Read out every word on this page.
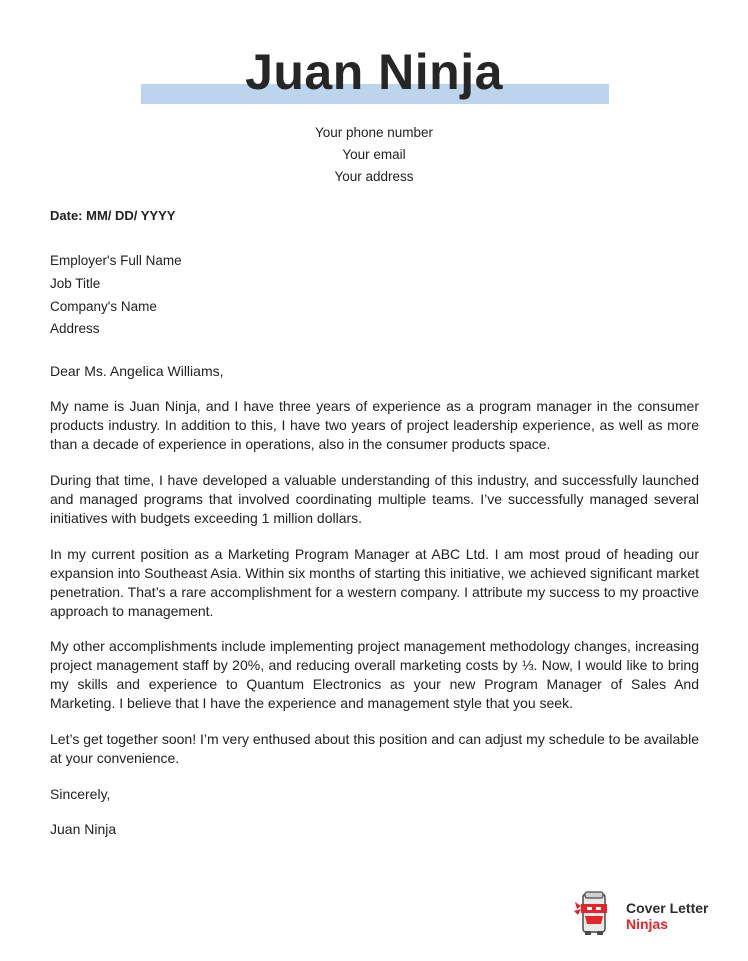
Juan Ninja
Your phone number
Your email
Your address
Date: MM/ DD/ YYYY
Employer's Full Name
Job Title
Company's Name
Address
Dear Ms. Angelica Williams,
My name is Juan Ninja, and I have three years of experience as a program manager in the consumer products industry. In addition to this, I have two years of project leadership experience, as well as more than a decade of experience in operations, also in the consumer products space.
During that time, I have developed a valuable understanding of this industry, and successfully launched and managed programs that involved coordinating multiple teams. I’ve successfully managed several initiatives with budgets exceeding 1 million dollars.
In my current position as a Marketing Program Manager at ABC Ltd. I am most proud of heading our expansion into Southeast Asia. Within six months of starting this initiative, we achieved significant market penetration. That’s a rare accomplishment for a western company. I attribute my success to my proactive approach to management.
My other accomplishments include implementing project management methodology changes, increasing project management staff by 20%, and reducing overall marketing costs by ⅓. Now, I would like to bring my skills and experience to Quantum Electronics as your new Program Manager of Sales And Marketing. I believe that I have the experience and management style that you seek.
Let’s get together soon! I’m very enthused about this position and can adjust my schedule to be available at your convenience.
Sincerely,
Juan Ninja
Cover Letter
Ninjas
